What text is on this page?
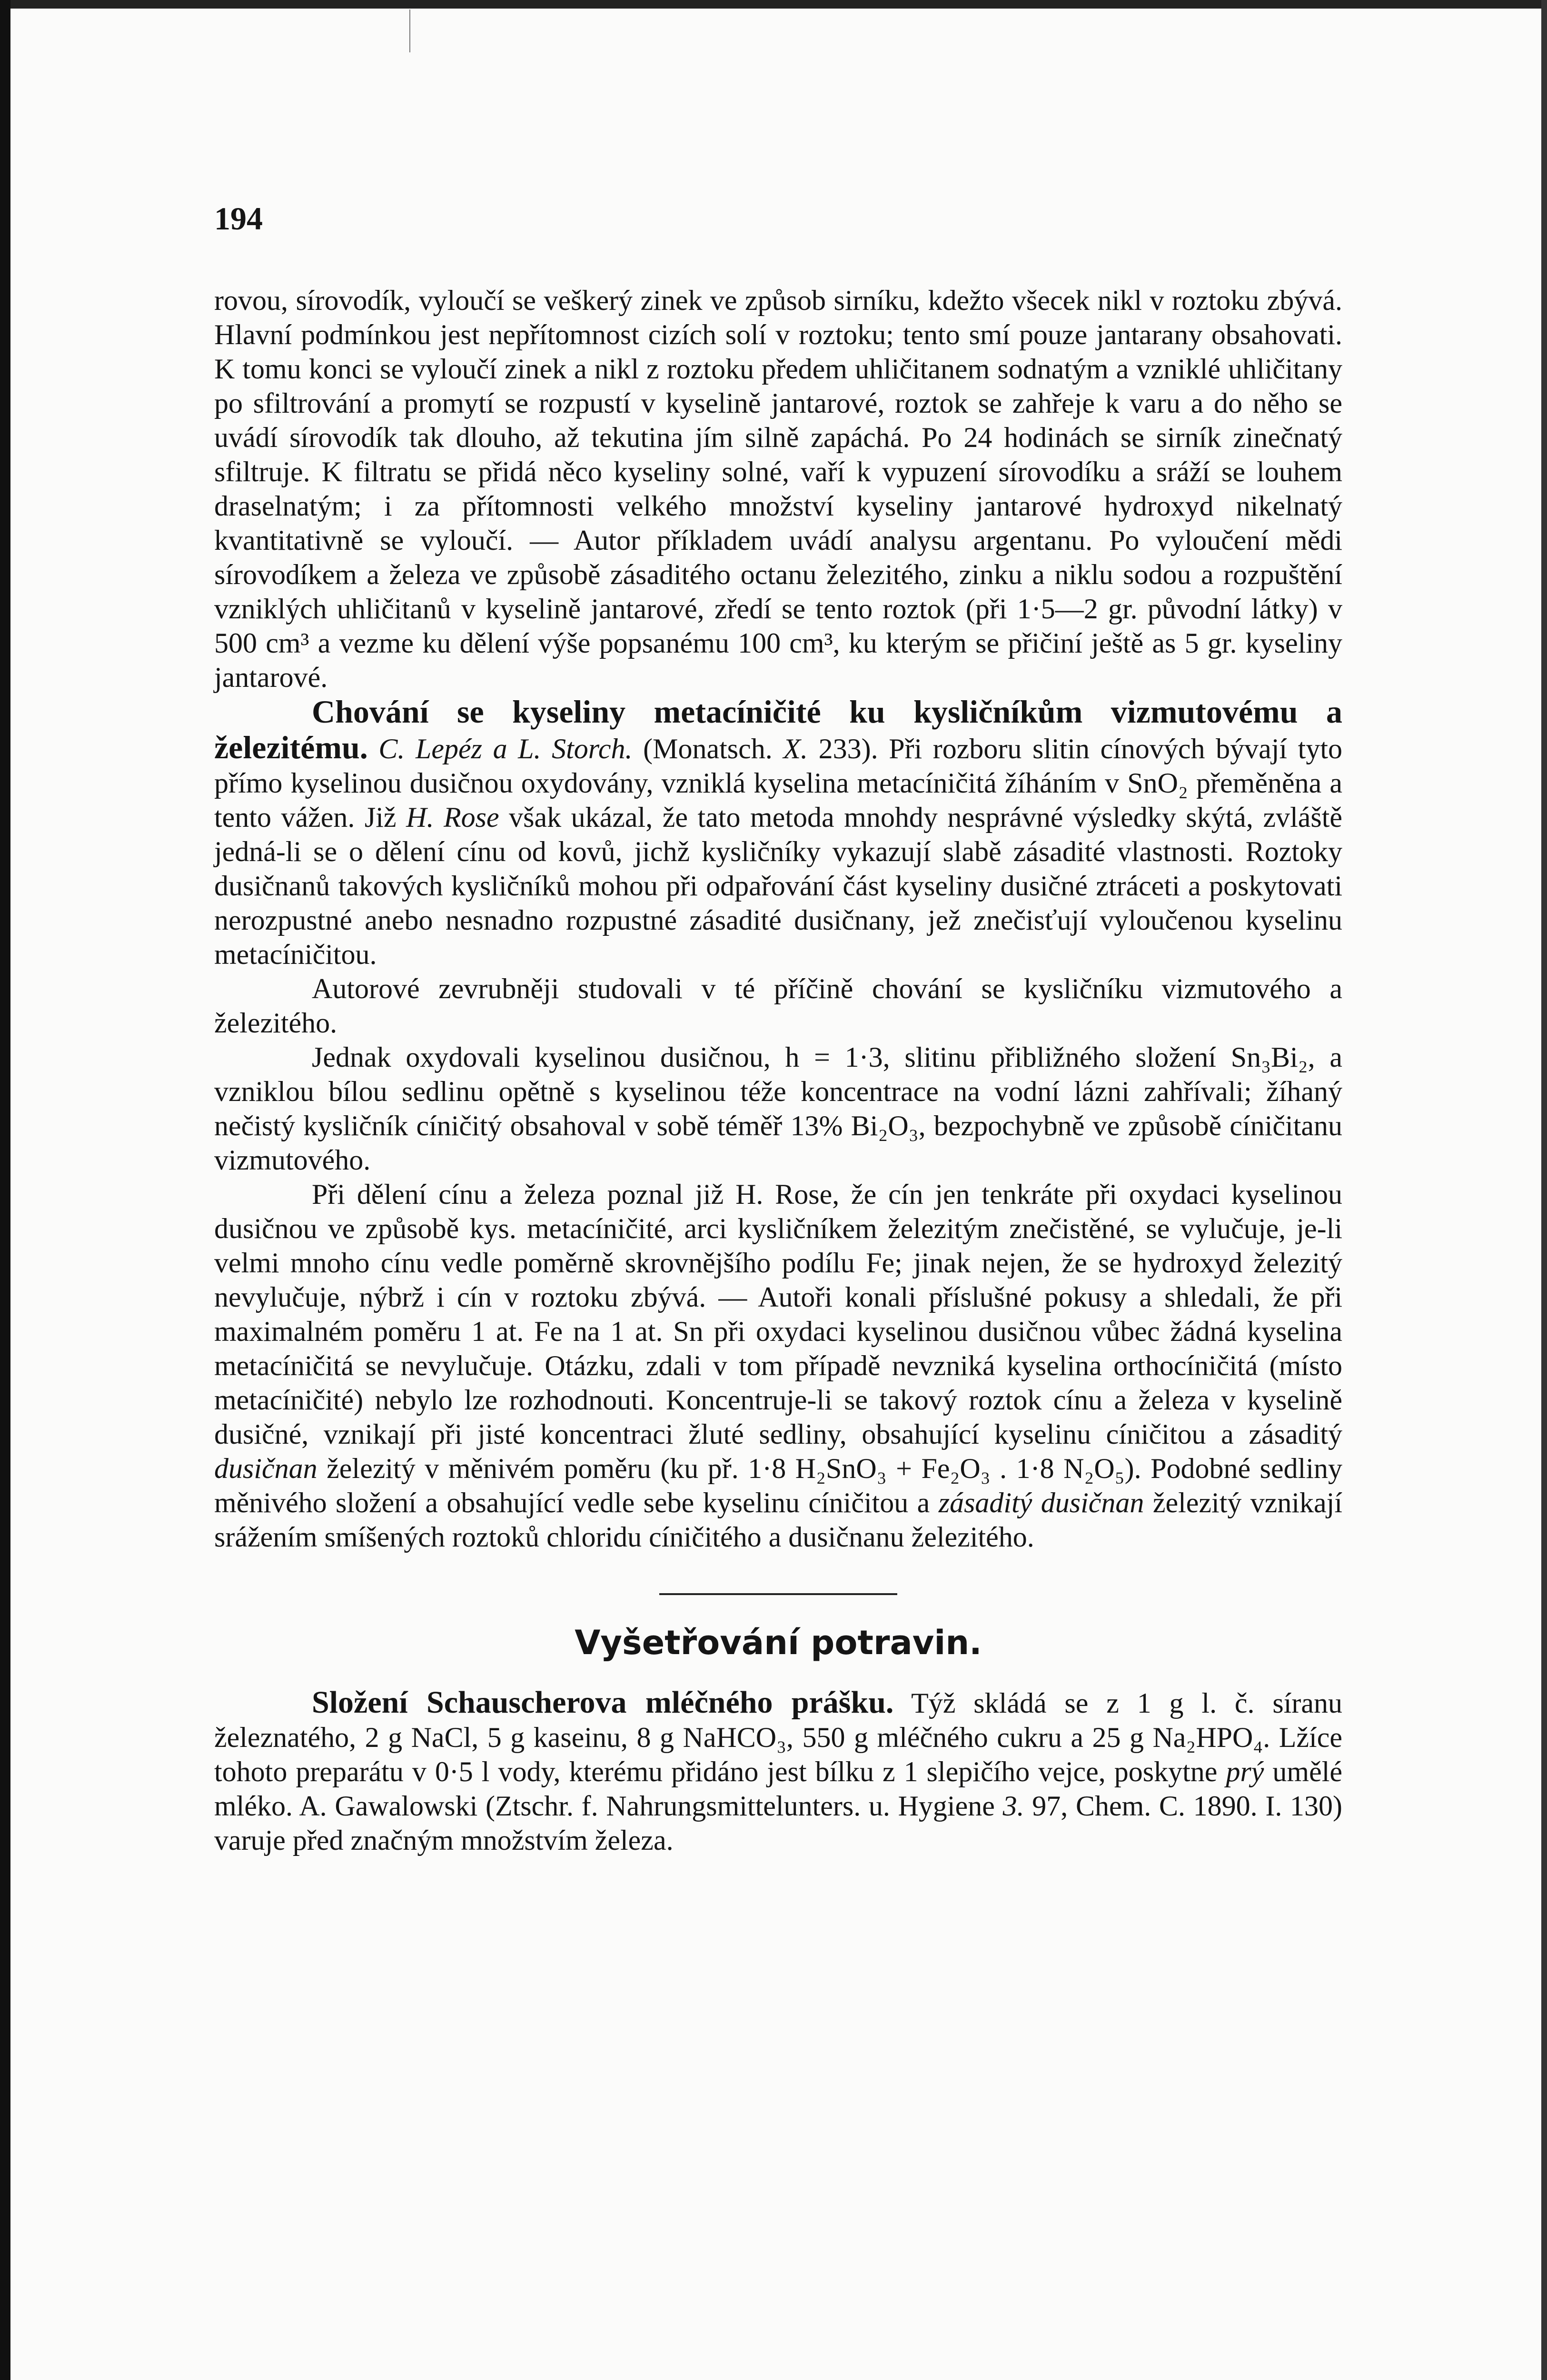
194

rovou, sírovodík, vyloučí se veškerý zinek ve způsob sirníku, kdežto všecek nikl v roztoku zbývá. Hlavní podmínkou jest nepřítomnost cizích solí v roztoku; tento smí pouze jantarany obsahovati. K tomu konci se vyloučí zinek a nikl z roztoku předem uhličitanem sodnatým a vzniklé uhličitany po sfiltrování a promytí se rozpustí v kyselině jantarové, roztok se zahřeje k varu a do něho se uvádí sírovodík tak dlouho, až tekutina jím silně zapáchá. Po 24 hodinách se sirník zinečnatý sfiltruje. K filtratu se přidá něco kyseliny solné, vaří k vypuzení sírovodíku a sráží se louhem draselnatým; i za přítomnosti velkého množství kyseliny jantarové hydroxyd nikelnatý kvantitativně se vyloučí. — Autor příkladem uvádí analysu argentanu. Po vyloučení mědi sírovodíkem a železa ve způsobě zásaditého octanu železitého, zinku a niklu sodou a rozpuštění vzniklých uhličitanů v kyselině jantarové, zředí se tento roztok (při 1·5—2 gr. původní látky) v 500 cm³ a vezme ku dělení výše popsanému 100 cm³, ku kterým se přičiní ještě as 5 gr. kyseliny jantarové.

Chování se kyseliny metacíničité ku kysličníkům vizmutovému a železitému. C. Lepéz a L. Storch. (Monatsch. X. 233). Při rozboru slitin cínových bývají tyto přímo kyselinou dusičnou oxydovány, vzniklá kyselina metacíničitá žíháním v SnO₂ přeměněna a tento vážen. Již H. Rose však ukázal, že tato metoda mnohdy nesprávné výsledky skýtá, zvláště jedná-li se o dělení cínu od kovů, jichž kysličníky vykazují slabě zásadité vlastnosti. Roztoky dusičnanů takových kysličníků mohou při odpařování část kyseliny dusičné ztráceti a poskytovati nerozpustné anebo nesnadno rozpustné zásadité dusičnany, jež znečisťují vyloučenou kyselinu metacíničitou.

Autorové zevrubněji studovali v té příčině chování se kysličníku vizmutového a železitého.

Jednak oxydovali kyselinou dusičnou, h = 1·3, slitinu přibližného složení Sn₃Bi₂, a vzniklou bílou sedlinu opětně s kyselinou téže koncentrace na vodní lázni zahřívali; žíhaný nečistý kysličník cíničitý obsahoval v sobě téměř 13% Bi₂O₃, bezpochybně ve způsobě cíničitanu vizmutového.

Při dělení cínu a železa poznal již H. Rose, že cín jen tenkráte při oxydaci kyselinou dusičnou ve způsobě kys. metacíničité, arci kysličníkem železitým znečistěné, se vylučuje, je-li velmi mnoho cínu vedle poměrně skrovnějšího podílu Fe; jinak nejen, že se hydroxyd železitý nevylučuje, nýbrž i cín v roztoku zbývá. — Autoři konali příslušné pokusy a shledali, že při maximalném poměru 1 at. Fe na 1 at. Sn při oxydaci kyselinou dusičnou vůbec žádná kyselina metacíničitá se nevylučuje. Otázku, zdali v tom případě nevzniká kyselina orthocíničitá (místo metacíničité) nebylo lze rozhodnouti. Koncentruje-li se takový roztok cínu a železa v kyselině dusičné, vznikají při jisté koncentraci žluté sedliny, obsahující kyselinu cíničitou a zásaditý dusičnan železitý v měnivém poměru (ku př. 1·8 H₂SnO₃ + Fe₂O₃ . 1·8 N₂O₅). Podobné sedliny měnivého složení a obsahující vedle sebe kyselinu cíničitou a zásaditý dusičnan železitý vznikají srážením smíšených roztoků chloridu cíničitého a dusičnanu železitého.

Vyšetřování potravin.

Složení Schauscherova mléčného prášku. Týž skládá se z 1 g l. č. síranu železnatého, 2 g NaCl, 5 g kaseinu, 8 g NaHCO₃, 550 g mléčného cukru a 25 g Na₂HPO₄. Lžíce tohoto preparátu v 0·5 l vody, kterému přidáno jest bílku z 1 slepičího vejce, poskytne prý umělé mléko. A. Gawalowski (Ztschr. f. Nahrungsmittelunters. u. Hygiene 3. 97, Chem. C. 1890. I. 130) varuje před značným množstvím železa.
